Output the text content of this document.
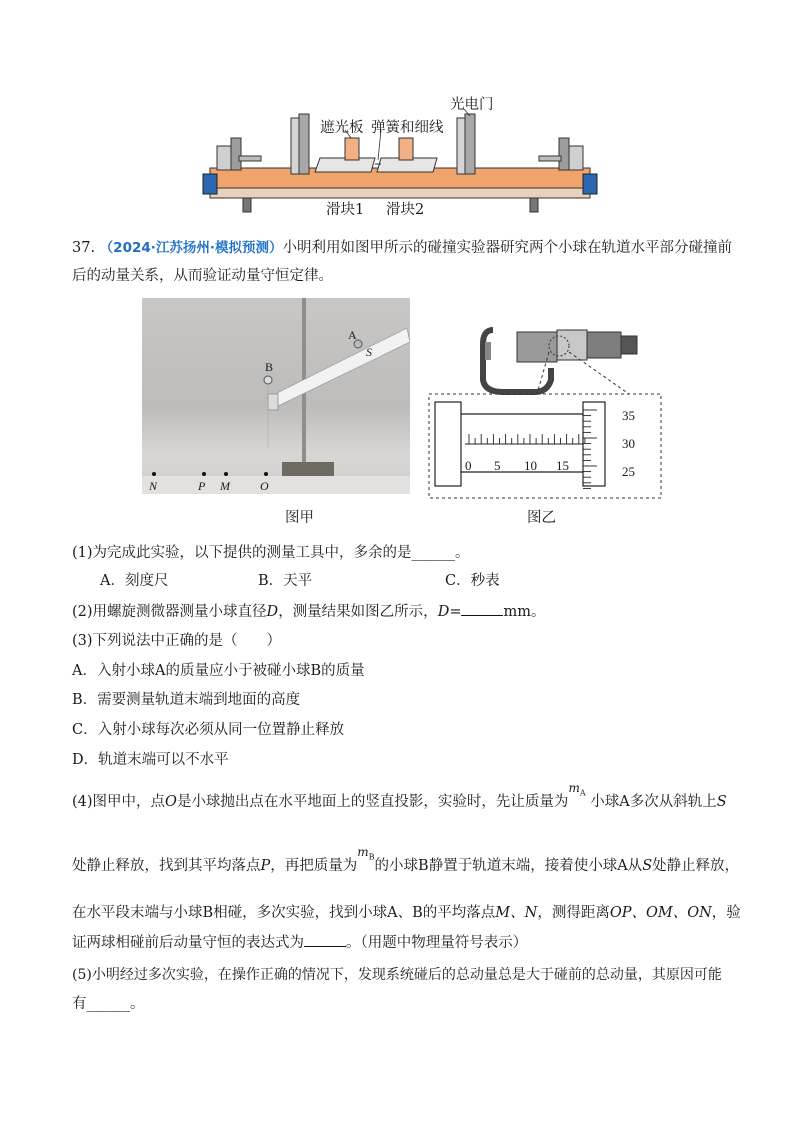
光电门
遮光板 弹簧和细线
滑块1 滑块2
37. （2024·江苏扬州·模拟预测）小明利用如图甲所示的碰撞实验器研究两个小球在轨道水平部分碰撞前
后的动量关系，从而验证动量守恒定律。
A
S
B
N	P M	O
图甲
35
30
25
0 5 10 15
图乙
(1)为完成此实验，以下提供的测量工具中，多余的是______。
A．刻度尺	B．天平	C．秒表
(2)用螺旋测微器测量小球直径D，测量结果如图乙所示，D=	mm。
(3)下列说法中正确的是（　　）
A．入射小球A的质量应小于被碰小球B的质量
B．需要测量轨道末端到地面的高度
C．入射小球每次必须从同一位置静止释放
D．轨道末端可以不水平
(4)图甲中，点O是小球抛出点在水平地面上的竖直投影，实验时，先让质量为$^{m_A}$ 小球A多次从斜轨上S
处静止释放，找到其平均落点P，再把质量为$^{m_B}$的小球B静置于轨道末端，接着使小球A从S处静止释放，
在水平段末端与小球B相碰，多次实验，找到小球A、B的平均落点M、N，测得距离OP、OM、ON，验
证两球相碰前后动量守恒的表达式为	。（用题中物理量符号表示）
(5)小明经过多次实验，在操作正确的情况下，发现系统碰后的总动量总是大于碰前的总动量，其原因可能
有______。
